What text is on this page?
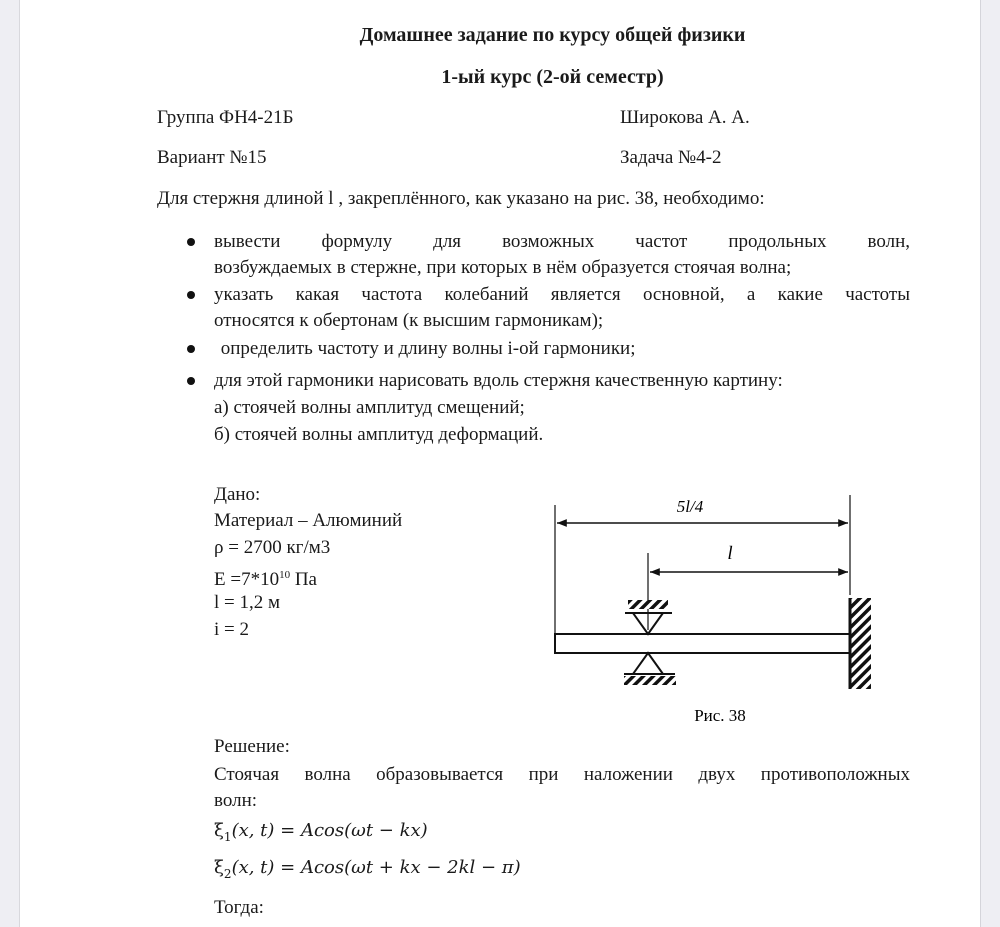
Домашнее задание по курсу общей физики
1-ый курс (2-ой семестр)
Группа ФН4-21Б	Широкова А. А.
Вариант №15	Задача №4-2
Для стержня длиной l , закреплённого, как указано на рис. 38, необходимо:
вывести формулу для возможных частот продольных волн,
возбуждаемых в стержне, при которых в нём образуется стоячая волна;
указать какая частота колебаний является основной, а какие частоты
относятся к обертонам (к высшим гармоникам);
определить частоту и длину волны i-ой гармоники;
для этой гармоники нарисовать вдоль стержня качественную картину:
а) стоячей волны амплитуд смещений;
б) стоячей волны амплитуд деформаций.
Дано:
Материал – Алюминий
ρ = 2700 кг/м3
$E =7*10^{10}$ Па
l = 1,2 м
i = 2
5l/4
l
Рис. 38
Решение:
Стоячая волна образовывается при наложении двух противоположных
волн:
$\xi_1(x$, t) = Acos(ωt − kx)
$\xi_2(x$, t) = Acos(ωt + kx − 2kl − π)
Тогда:
